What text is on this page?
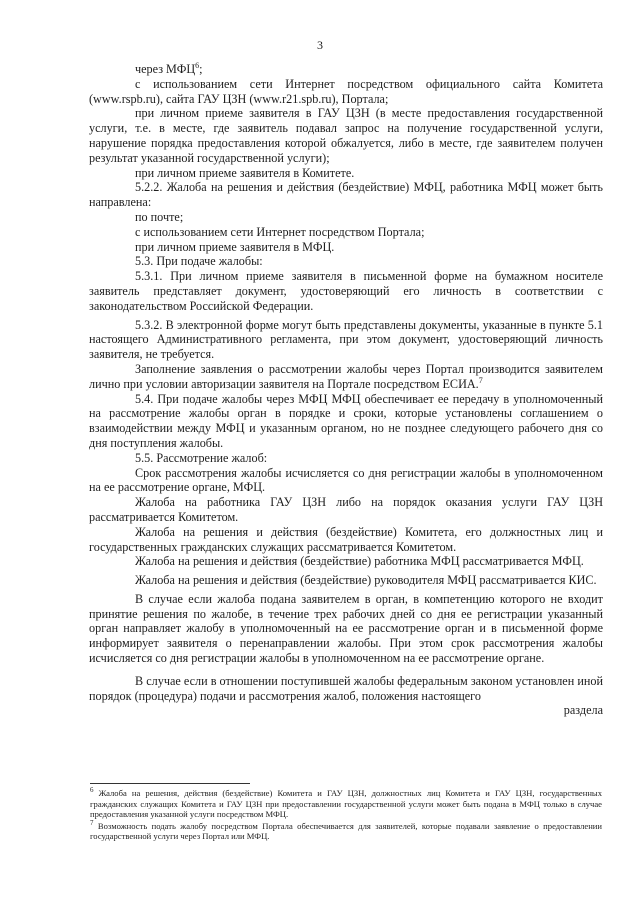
3

через МФЦ$^6$;

с использованием сети Интернет посредством официального сайта Комитета (www.rspb.ru), сайта ГАУ ЦЗН (www.r21.spb.ru), Портала;

при личном приеме заявителя в ГАУ ЦЗН (в месте предоставления государственной услуги, т.е. в месте, где заявитель подавал запрос на получение государственной услуги, нарушение порядка предоставления которой обжалуется, либо в месте, где заявителем получен результат указанной государственной услуги);

при личном приеме заявителя в Комитете.

5.2.2. Жалоба на решения и действия (бездействие) МФЦ, работника МФЦ может быть направлена:

по почте;

с использованием сети Интернет посредством Портала;

при личном приеме заявителя в МФЦ.

5.3. При подаче жалобы:

5.3.1. При личном приеме заявителя в письменной форме на бумажном носителе заявитель представляет документ, удостоверяющий его личность в соответствии с законодательством Российской Федерации.

5.3.2. В электронной форме могут быть представлены документы, указанные в пункте 5.1 настоящего Административного регламента, при этом документ, удостоверяющий личность заявителя, не требуется.

Заполнение заявления о рассмотрении жалобы через Портал производится заявителем лично при условии авторизации заявителя на Портале посредством ЕСИА.$^7$

5.4. При подаче жалобы через МФЦ МФЦ обеспечивает ее передачу в уполномоченный на рассмотрение жалобы орган в порядке и сроки, которые установлены соглашением о взаимодействии между МФЦ и указанным органом, но не позднее следующего рабочего дня со дня поступления жалобы.

5.5. Рассмотрение жалоб:

Срок рассмотрения жалобы исчисляется со дня регистрации жалобы в уполномоченном на ее рассмотрение органе, МФЦ.

Жалоба на работника ГАУ ЦЗН либо на порядок оказания услуги ГАУ ЦЗН рассматривается Комитетом.

Жалоба на решения и действия (бездействие) Комитета, его должностных лиц и государственных гражданских служащих рассматривается Комитетом.

Жалоба на решения и действия (бездействие) работника МФЦ рассматривается МФЦ.

Жалоба на решения и действия (бездействие) руководителя МФЦ рассматривается КИС.

В случае если жалоба подана заявителем в орган, в компетенцию которого не входит принятие решения по жалобе, в течение трех рабочих дней со дня ее регистрации указанный орган направляет жалобу в уполномоченный на ее рассмотрение орган и в письменной форме информирует заявителя о перенаправлении жалобы. При этом срок рассмотрения жалобы исчисляется со дня регистрации жалобы в уполномоченном на ее рассмотрение органе.

В случае если в отношении поступившей жалобы федеральным законом установлен иной порядок (процедура) подачи и рассмотрения жалоб, положения настоящего

раздела

$^6$ Жалоба на решения, действия (бездействие) Комитета и ГАУ ЦЗН, должностных лиц Комитета и ГАУ ЦЗН, государственных гражданских служащих Комитета и ГАУ ЦЗН при предоставлении государственной услуги может быть подана в МФЦ только в случае предоставления указанной услуги посредством МФЦ.

$^7$ Возможность подать жалобу посредством Портала обеспечивается для заявителей, которые подавали заявление о предоставлении государственной услуги через Портал или МФЦ.
